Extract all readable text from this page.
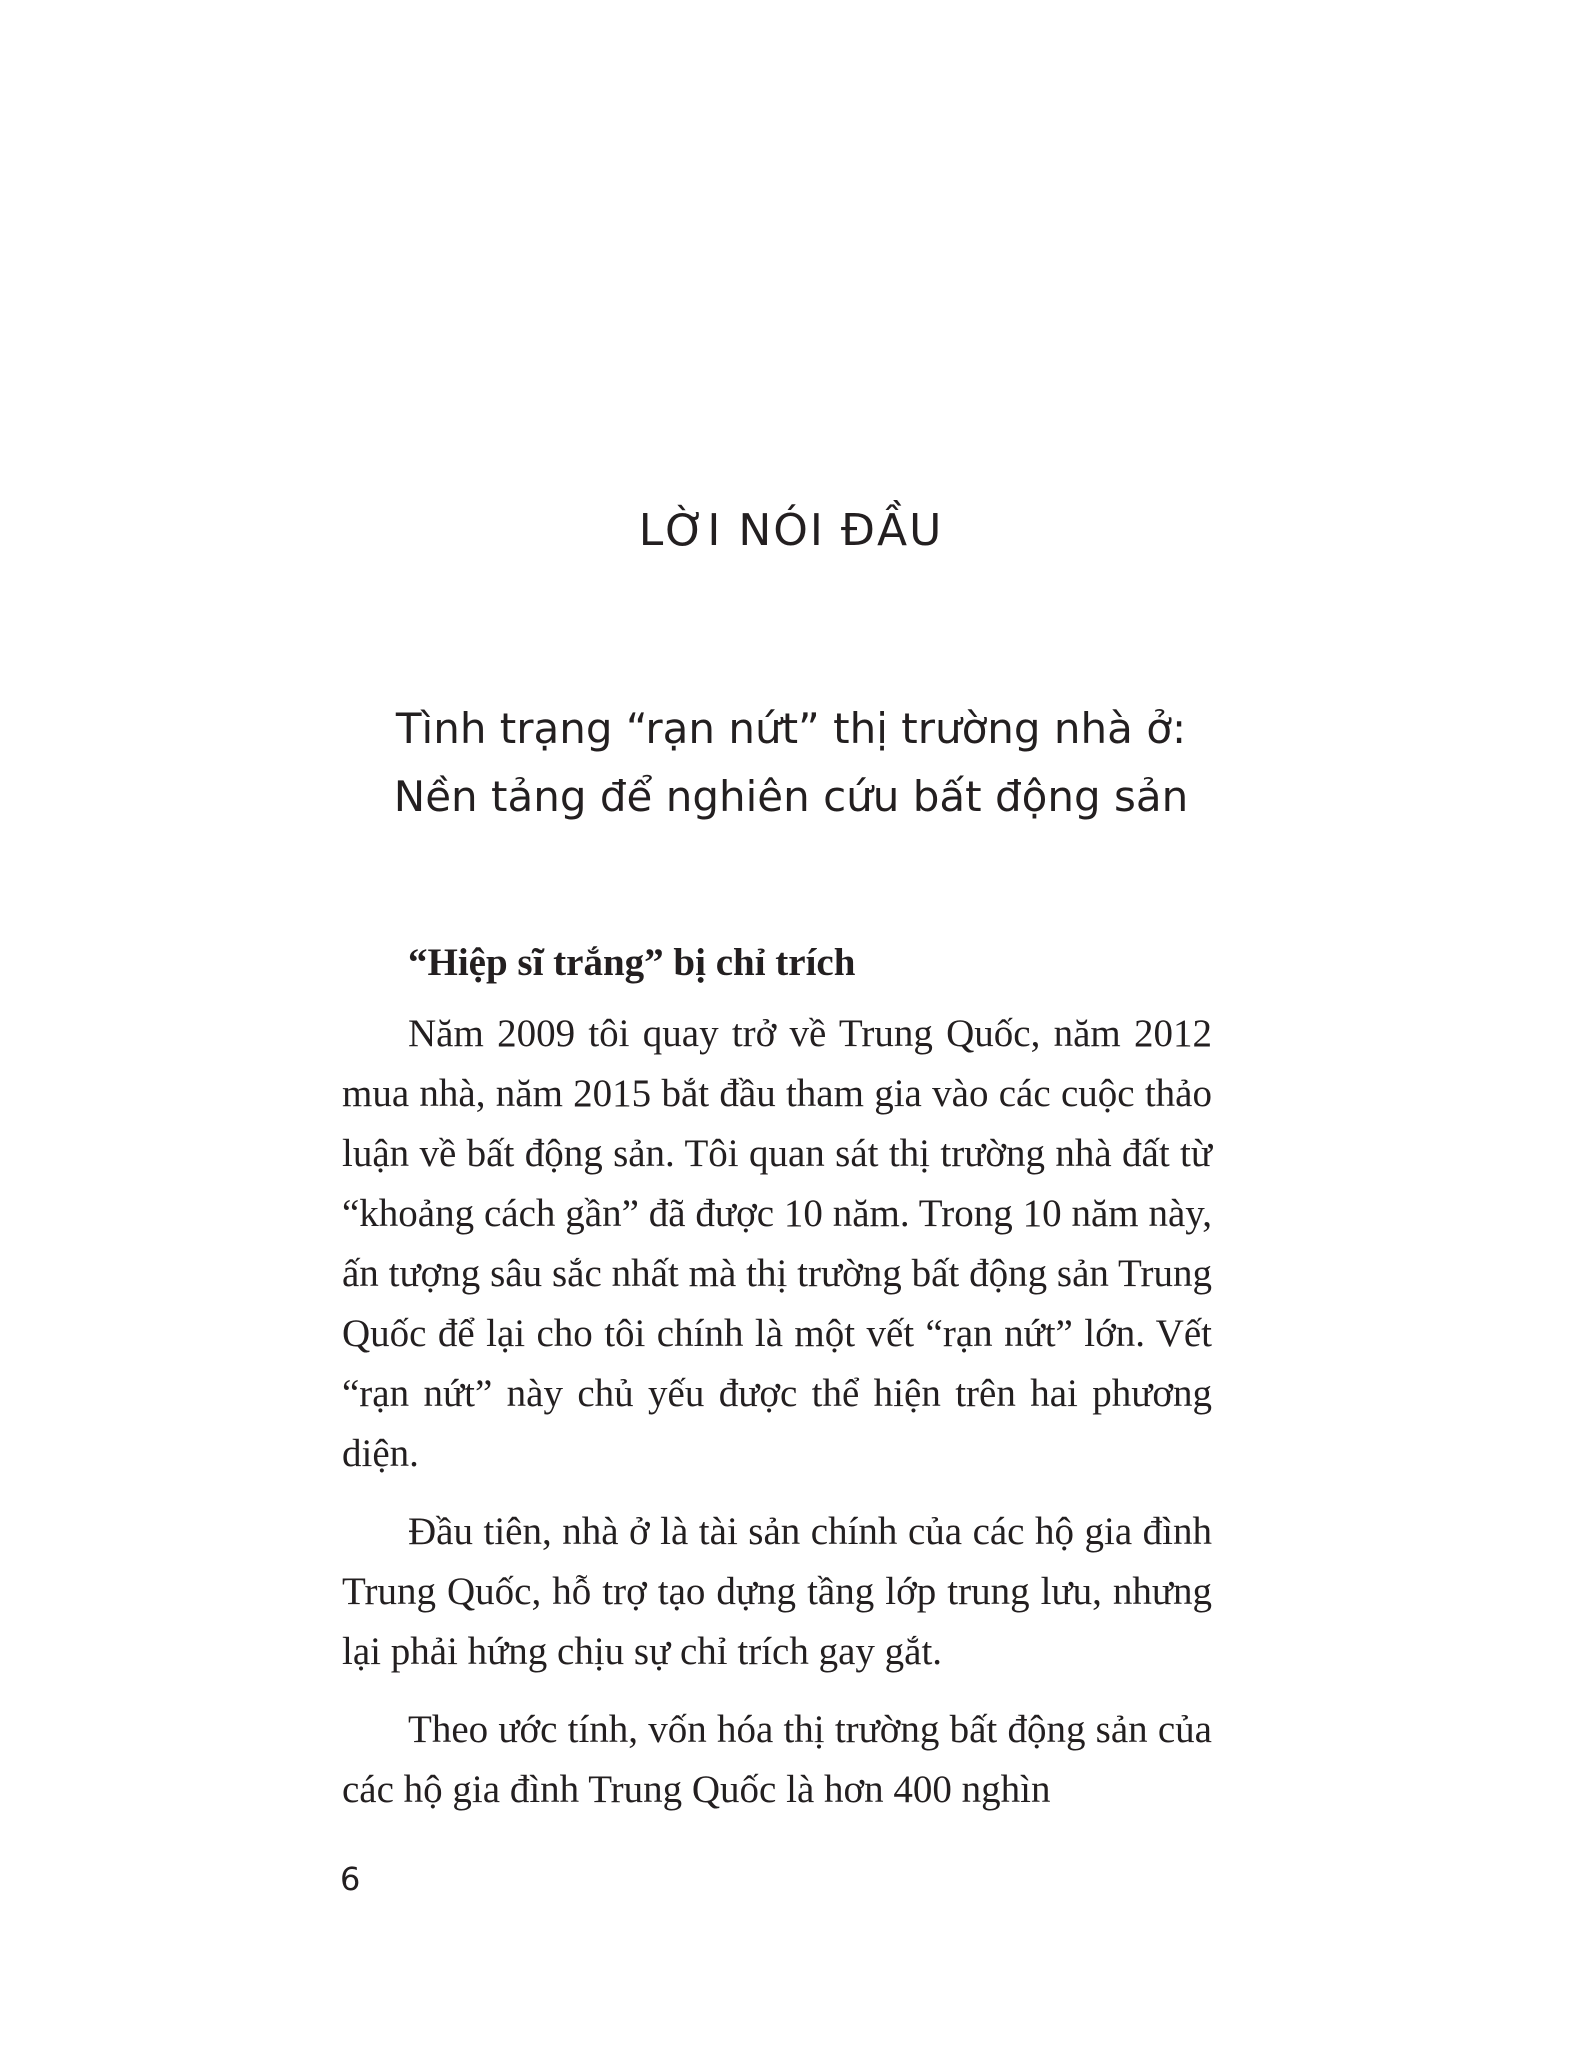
LỜI NÓI ĐẦU
Tình trạng “rạn nứt” thị trường nhà ở:
Nền tảng để nghiên cứu bất động sản
“Hiệp sĩ trắng” bị chỉ trích

Năm 2009 tôi quay trở về Trung Quốc, năm 2012 mua nhà, năm 2015 bắt đầu tham gia vào các cuộc thảo luận về bất động sản. Tôi quan sát thị trường nhà đất từ “khoảng cách gần” đã được 10 năm. Trong 10 năm này, ấn tượng sâu sắc nhất mà thị trường bất động sản Trung Quốc để lại cho tôi chính là một vết “rạn nứt” lớn. Vết “rạn nứt” này chủ yếu được thể hiện trên hai phương diện.

Đầu tiên, nhà ở là tài sản chính của các hộ gia đình Trung Quốc, hỗ trợ tạo dựng tầng lớp trung lưu, nhưng lại phải hứng chịu sự chỉ trích gay gắt.

Theo ước tính, vốn hóa thị trường bất động sản của các hộ gia đình Trung Quốc là hơn 400 nghìn

6
